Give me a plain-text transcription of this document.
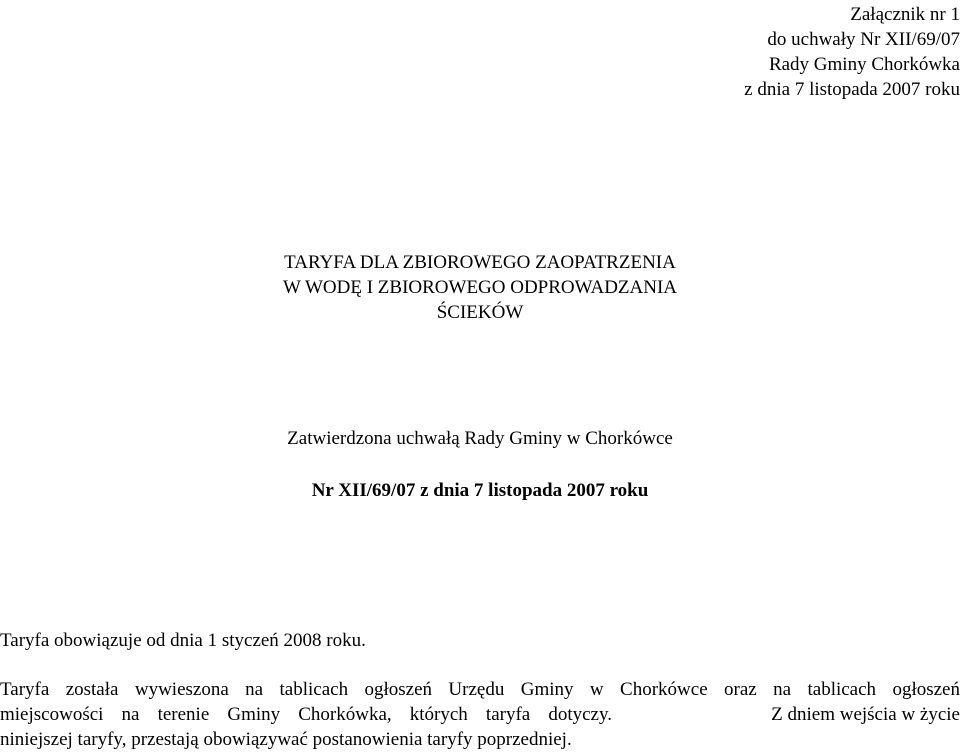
Załącznik nr 1
do uchwały Nr XII/69/07
Rady Gminy Chorkówka
z dnia 7 listopada 2007 roku
TARYFA DLA ZBIOROWEGO ZAOPATRZENIA
W WODĘ I ZBIOROWEGO ODPROWADZANIA
ŚCIEKÓW
Zatwierdzona uchwałą Rady Gminy w Chorkówce
Nr XII/69/07 z dnia 7 listopada 2007 roku
Taryfa obowiązuje od dnia 1 styczeń 2008 roku.
Taryfa została wywieszona na tablicach ogłoszeń Urzędu Gminy w Chorkówce oraz na tablicach ogłoszeń
miejscowości na terenie Gminy Chorkówka, których taryfa dotyczy.	Z dniem wejścia w życie
niniejszej taryfy, przestają obowiązywać postanowienia taryfy poprzedniej.
